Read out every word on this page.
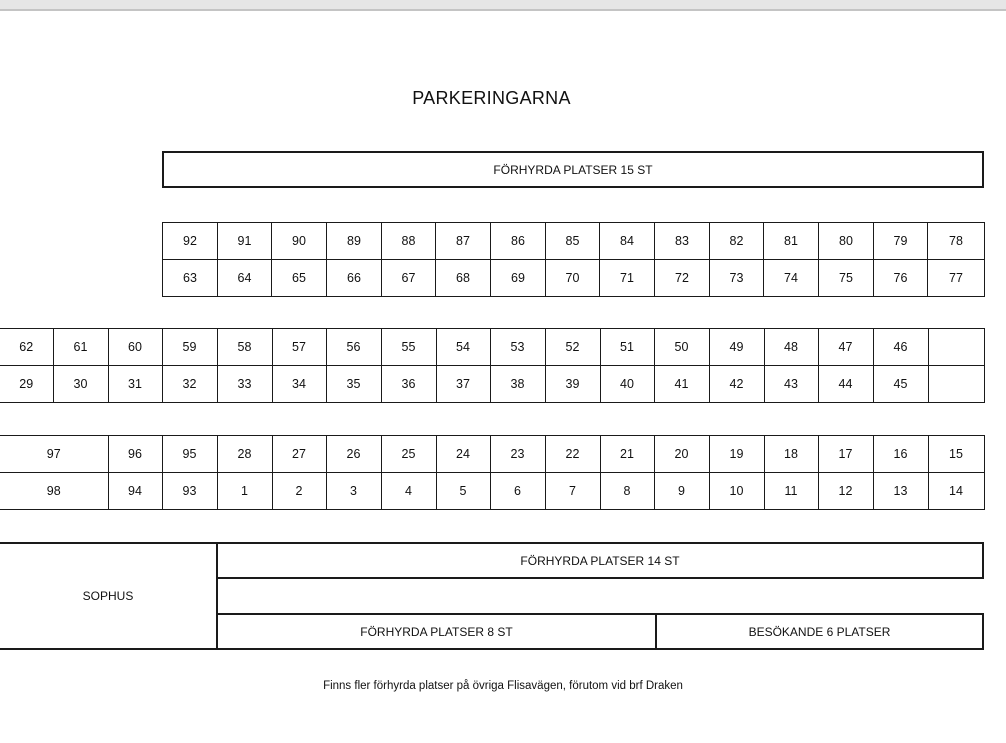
PARKERINGARNA
FÖRHYRDA PLATSER 15 ST
92	91	90	89	88	87	86	85	84	83	82	81	80	79	78
63	64	65	66	67	68	69	70	71	72	73	74	75	76	77
62	61	60	59	58	57	56	55	54	53	52	51	50	49	48	47	46	
29	30	31	32	33	34	35	36	37	38	39	40	41	42	43	44	45	
97	96	95	28	27	26	25	24	23	22	21	20	19	18	17	16	15
98	94	93	1	2	3	4	5	6	7	8	9	10	11	12	13	14
SOPHUS
FÖRHYRDA PLATSER 14 ST
FÖRHYRDA PLATSER 8 ST	BESÖKANDE 6 PLATSER
Finns fler förhyrda platser på övriga Flisavägen, förutom vid brf Draken
